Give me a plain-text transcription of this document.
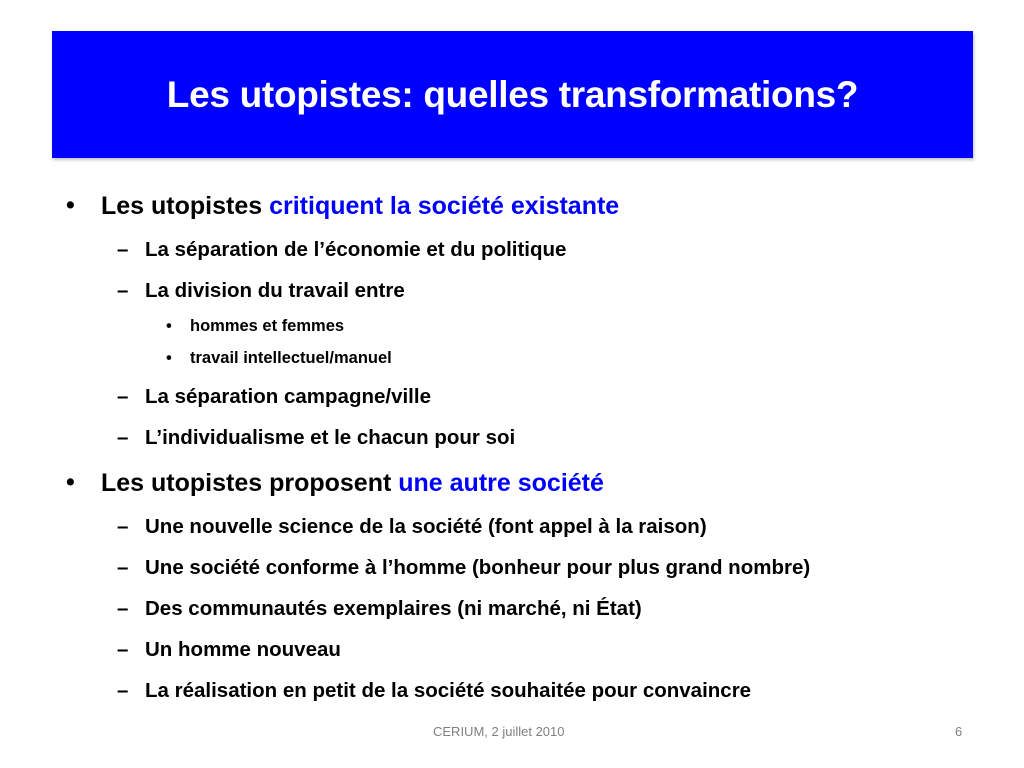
Les utopistes: quelles transformations?
• Les utopistes critiquent la société existante
– La séparation de l’économie et du politique
– La division du travail entre
• hommes et femmes
• travail intellectuel/manuel
– La séparation campagne/ville
– L’individualisme et le chacun pour soi
• Les utopistes proposent une autre société
– Une nouvelle science de la société (font appel à la raison)
– Une société conforme à l’homme (bonheur pour plus grand nombre)
– Des communautés exemplaires (ni marché, ni État)
– Un homme nouveau
– La réalisation en petit de la société souhaitée pour convaincre
CERIUM, 2 juillet 2010	6
